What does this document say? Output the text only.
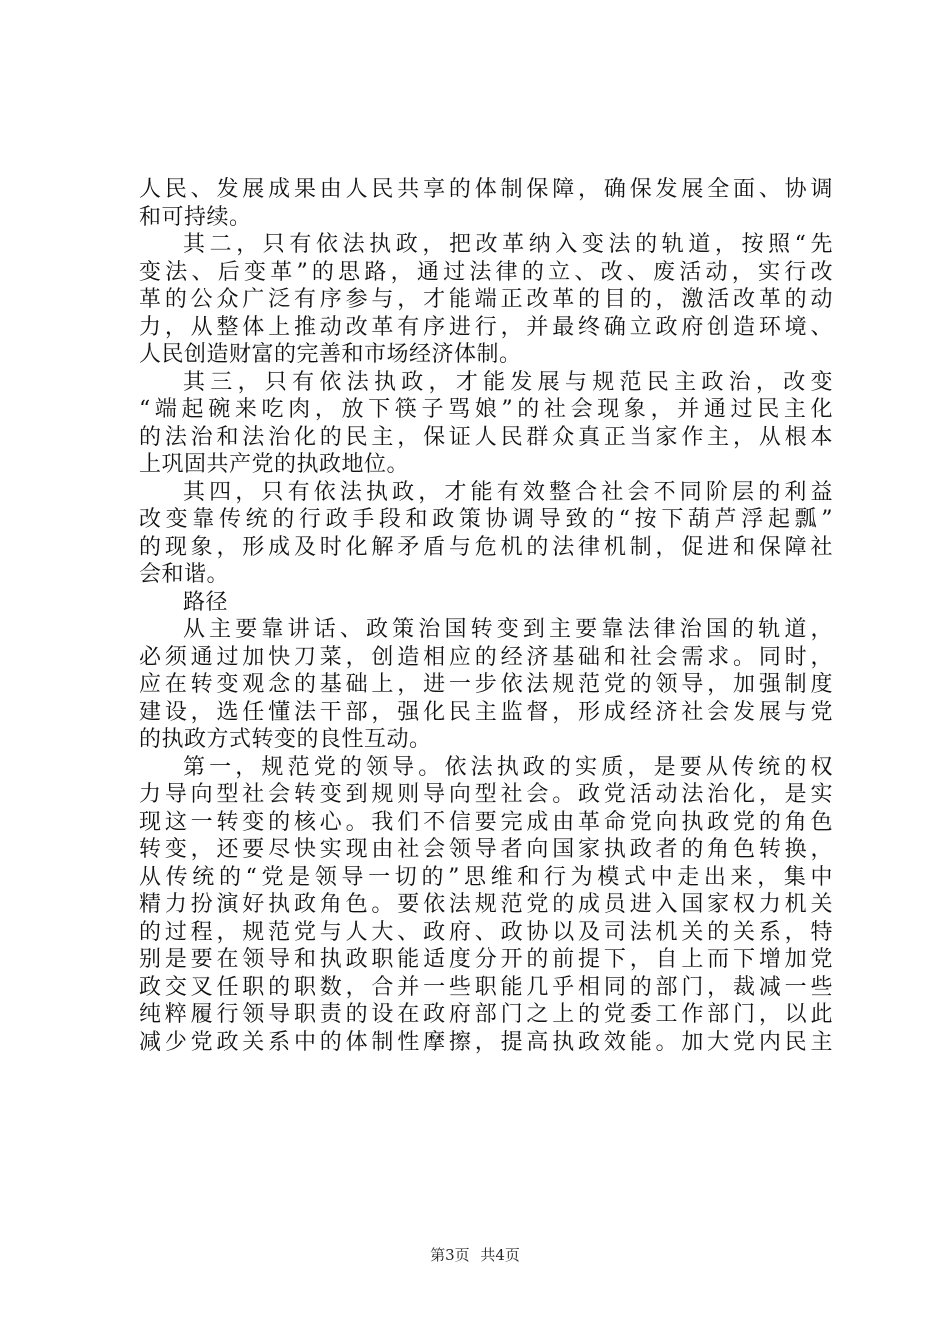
人民、发展成果由人民共享的体制保障，确保发展全面、协调
和可持续。
其二，只有依法执政，把改革纳入变法的轨道，按照“先
变法、后变革”的思路，通过法律的立、改、废活动，实行改
革的公众广泛有序参与，才能端正改革的目的，激活改革的动
力，从整体上推动改革有序进行，并最终确立政府创造环境、
人民创造财富的完善和市场经济体制。
其三，只有依法执政，才能发展与规范民主政治，改变
“端起碗来吃肉，放下筷子骂娘”的社会现象，并通过民主化
的法治和法治化的民主，保证人民群众真正当家作主，从根本
上巩固共产党的执政地位。
其四，只有依法执政，才能有效整合社会不同阶层的利益
改变靠传统的行政手段和政策协调导致的“按下葫芦浮起瓢”
的现象，形成及时化解矛盾与危机的法律机制，促进和保障社
会和谐。
路径
从主要靠讲话、政策治国转变到主要靠法律治国的轨道，
必须通过加快刀菜，创造相应的经济基础和社会需求。同时，
应在转变观念的基础上，进一步依法规范党的领导，加强制度
建设，选任懂法干部，强化民主监督，形成经济社会发展与党
的执政方式转变的良性互动。
第一，规范党的领导。依法执政的实质，是要从传统的权
力导向型社会转变到规则导向型社会。政党活动法治化，是实
现这一转变的核心。我们不信要完成由革命党向执政党的角色
转变，还要尽快实现由社会领导者向国家执政者的角色转换，
从传统的“党是领导一切的”思维和行为模式中走出来，集中
精力扮演好执政角色。要依法规范党的成员进入国家权力机关
的过程，规范党与人大、政府、政协以及司法机关的关系，特
别是要在领导和执政职能适度分开的前提下，自上而下增加党
政交叉任职的职数，合并一些职能几乎相同的部门，裁减一些
纯粹履行领导职责的设在政府部门之上的党委工作部门，以此
减少党政关系中的体制性摩擦，提高执政效能。加大党内民主
第3页 共4页
